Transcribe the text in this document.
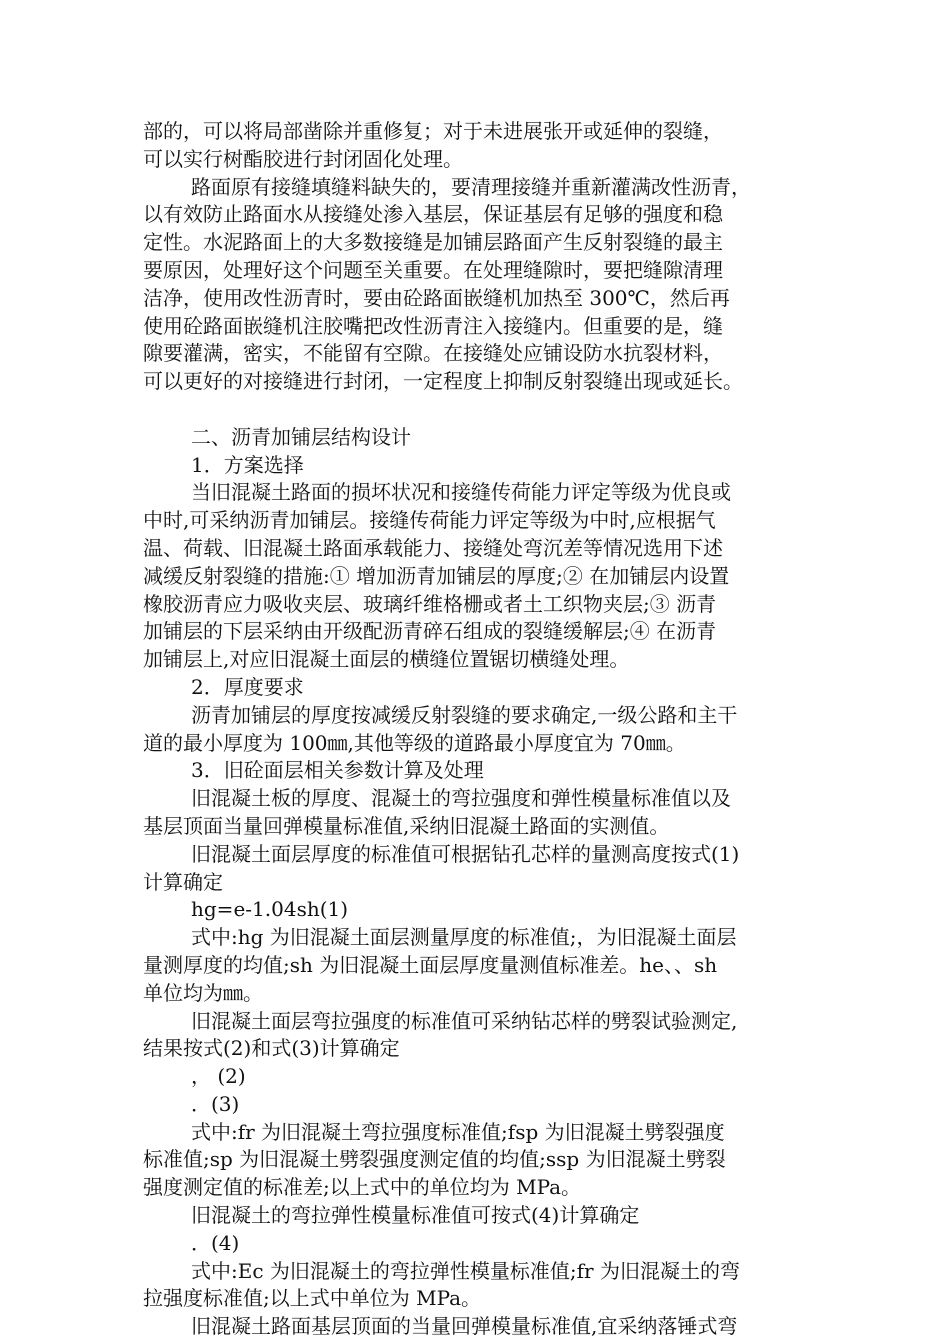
部的，可以将局部凿除并重修复；对于未进展张开或延伸的裂缝，
可以实行树酯胶进行封闭固化处理。
路面原有接缝填缝料缺失的，要清理接缝并重新灌满改性沥青，
以有效防止路面水从接缝处渗入基层，保证基层有足够的强度和稳
定性。水泥路面上的大多数接缝是加铺层路面产生反射裂缝的最主
要原因，处理好这个问题至关重要。在处理缝隙时，要把缝隙清理
洁净，使用改性沥青时，要由砼路面嵌缝机加热至 300℃，然后再
使用砼路面嵌缝机注胶嘴把改性沥青注入接缝内。但重要的是，缝
隙要灌满，密实，不能留有空隙。在接缝处应铺设防水抗裂材料，
可以更好的对接缝进行封闭，一定程度上抑制反射裂缝出现或延长。
二、沥青加铺层结构设计
1．方案选择
当旧混凝土路面的损坏状况和接缝传荷能力评定等级为优良或
中时,可采纳沥青加铺层。接缝传荷能力评定等级为中时,应根据气
温、荷载、旧混凝土路面承载能力、接缝处弯沉差等情况选用下述
减缓反射裂缝的措施:① 增加沥青加铺层的厚度;② 在加铺层内设置
橡胶沥青应力吸收夹层、玻璃纤维格栅或者土工织物夹层;③ 沥青
加铺层的下层采纳由开级配沥青碎石组成的裂缝缓解层;④ 在沥青
加铺层上,对应旧混凝土面层的横缝位置锯切横缝处理。
2．厚度要求
沥青加铺层的厚度按减缓反射裂缝的要求确定,一级公路和主干
道的最小厚度为 100㎜,其他等级的道路最小厚度宜为 70㎜。
3．旧砼面层相关参数计算及处理
旧混凝土板的厚度、混凝土的弯拉强度和弹性模量标准值以及
基层顶面当量回弹模量标准值,采纳旧混凝土路面的实测值。
旧混凝土面层厚度的标准值可根据钻孔芯样的量测高度按式(1)
计算确定
hg=e-1.04sh(1)
式中:hg 为旧混凝土面层测量厚度的标准值;，为旧混凝土面层
量测厚度的均值;sh 为旧混凝土面层厚度量测值标准差。he、、sh
单位均为㎜。
旧混凝土面层弯拉强度的标准值可采纳钻芯样的劈裂试验测定,
结果按式(2)和式(3)计算确定
， (2)
．(3)
式中:fr 为旧混凝土弯拉强度标准值;fsp 为旧混凝土劈裂强度
标准值;sp 为旧混凝土劈裂强度测定值的均值;ssp 为旧混凝土劈裂
强度测定值的标准差;以上式中的单位均为 MPa。
旧混凝土的弯拉弹性模量标准值可按式(4)计算确定
．(4)
式中:Ec 为旧混凝土的弯拉弹性模量标准值;fr 为旧混凝土的弯
拉强度标准值;以上式中单位为 MPa。
旧混凝土路面基层顶面的当量回弹模量标准值,宜采纳落锤式弯
